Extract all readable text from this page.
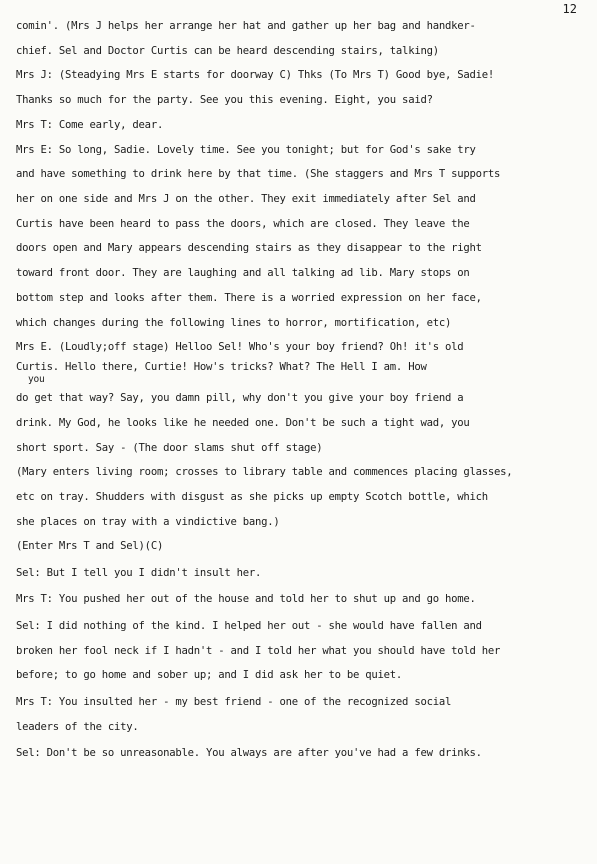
12
comin'. (Mrs J helps her arrange her hat and gather up her bag and handker-
chief. Sel and Doctor Curtis can be heard descending stairs, talking)
Mrs J: (Steadying Mrs E starts for doorway C) Thks (To Mrs T) Good bye, Sadie!
Thanks so much for the party. See you this evening. Eight, you said?
Mrs T: Come early, dear.
Mrs E: So long, Sadie. Lovely time. See you tonight; but for God's sake try
and have something to drink here by that time. (She staggers and Mrs T supports
her on one side and Mrs J on the other. They exit immediately after Sel and
Curtis have been heard to pass the doors, which are closed. They leave the
doors open and Mary appears descending stairs as they disappear to the right
toward front door. They are laughing and all talking ad lib. Mary stops on
bottom step and looks after them. There is a worried expression on her face,
which changes during the following lines to horror, mortification, etc)
Mrs E. (Loudly;off stage) Helloo Sel! Who's your boy friend? Oh! it's old
Curtis. Hello there, Curtie! How's tricks? What? The Hell I am. How
you
do get that way? Say, you damn pill, why don't you give your boy friend a
drink. My God, he looks like he needed one. Don't be such a tight wad, you
short sport. Say - (The door slams shut off stage)
(Mary enters living room; crosses to library table and commences placing glasses,
etc on tray. Shudders with disgust as she picks up empty Scotch bottle, which
she places on tray with a vindictive bang.)
(Enter Mrs T and Sel)(C)
Sel: But I tell you I didn't insult her.
Mrs T: You pushed her out of the house and told her to shut up and go home.
Sel: I did nothing of the kind. I helped her out - she would have fallen and
broken her fool neck if I hadn't - and I told her what you should have told her
before; to go home and sober up; and I did ask her to be quiet.
Mrs T: You insulted her - my best friend - one of the recognized social
leaders of the city.
Sel: Don't be so unreasonable. You always are after you've had a few drinks.
